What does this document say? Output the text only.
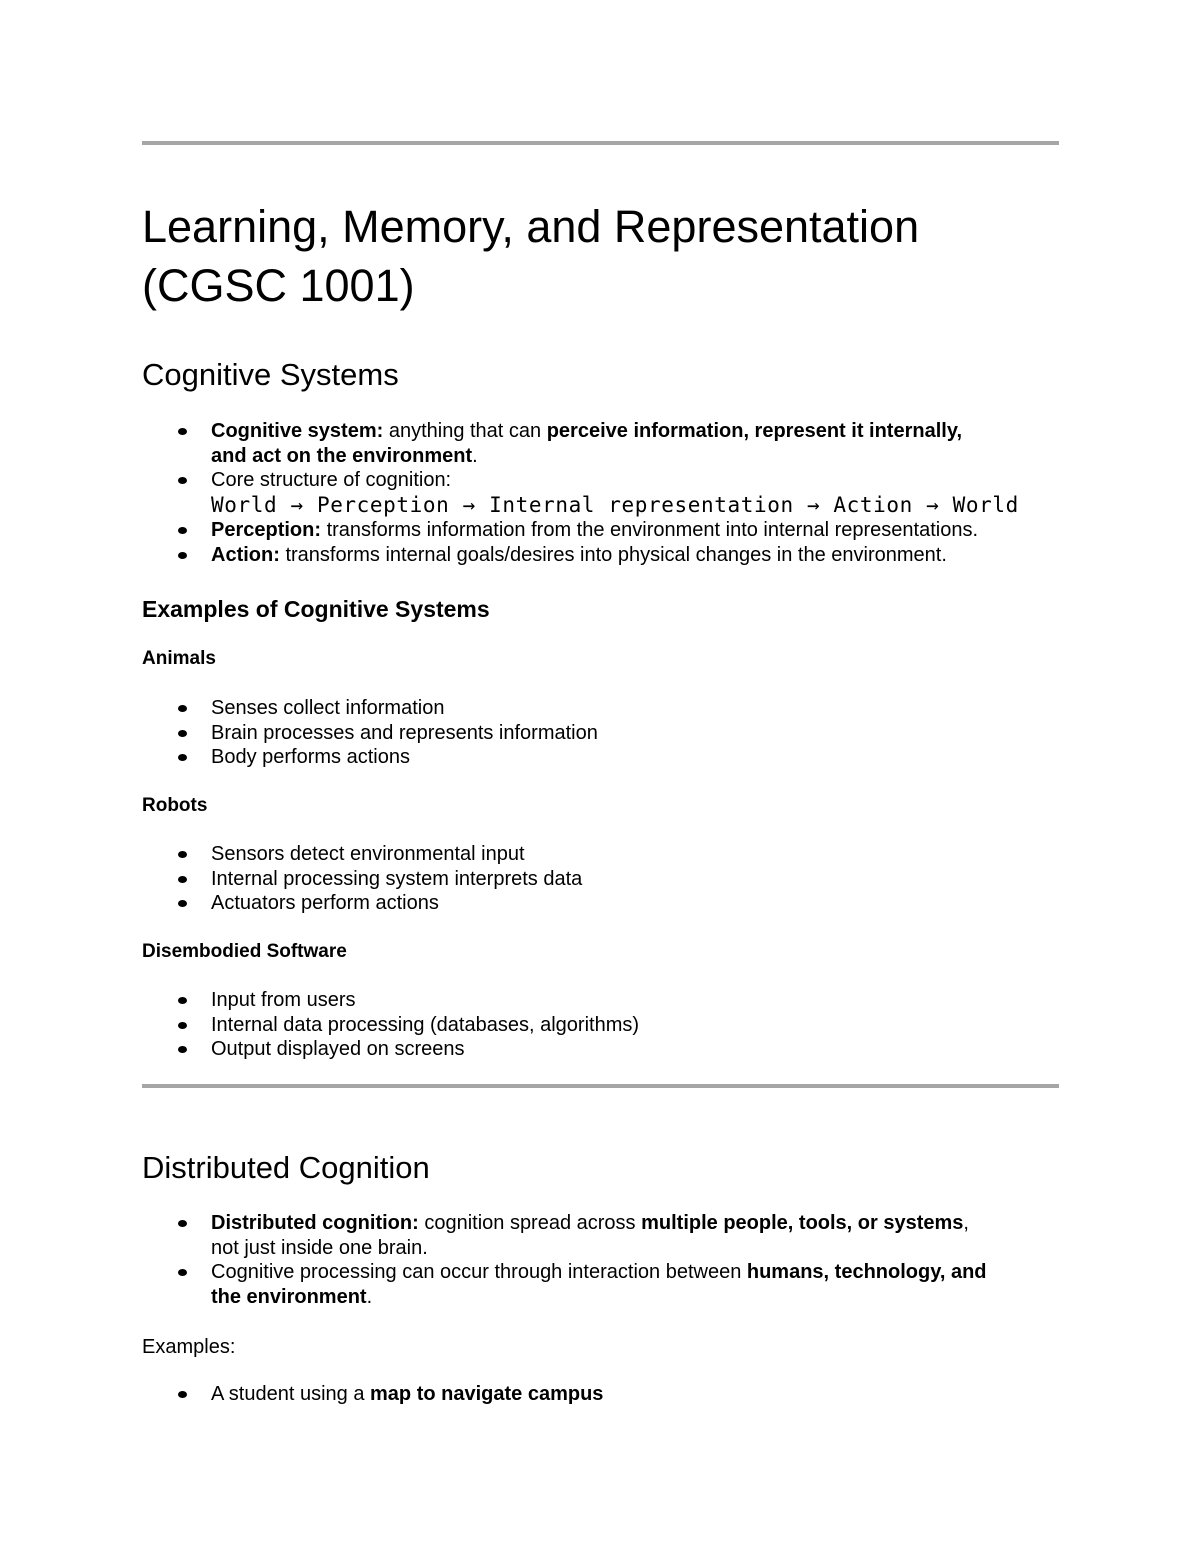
Learning, Memory, and Representation
(CGSC 1001)
Cognitive Systems
Cognitive system: anything that can perceive information, represent it internally,
and act on the environment.
Core structure of cognition:
World → Perception → Internal representation → Action → World
Perception: transforms information from the environment into internal representations.
Action: transforms internal goals/desires into physical changes in the environment.
Examples of Cognitive Systems
Animals
Senses collect information
Brain processes and represents information
Body performs actions
Robots
Sensors detect environmental input
Internal processing system interprets data
Actuators perform actions
Disembodied Software
Input from users
Internal data processing (databases, algorithms)
Output displayed on screens
Distributed Cognition
Distributed cognition: cognition spread across multiple people, tools, or systems,
not just inside one brain.
Cognitive processing can occur through interaction between humans, technology, and
the environment.
Examples:
A student using a map to navigate campus
